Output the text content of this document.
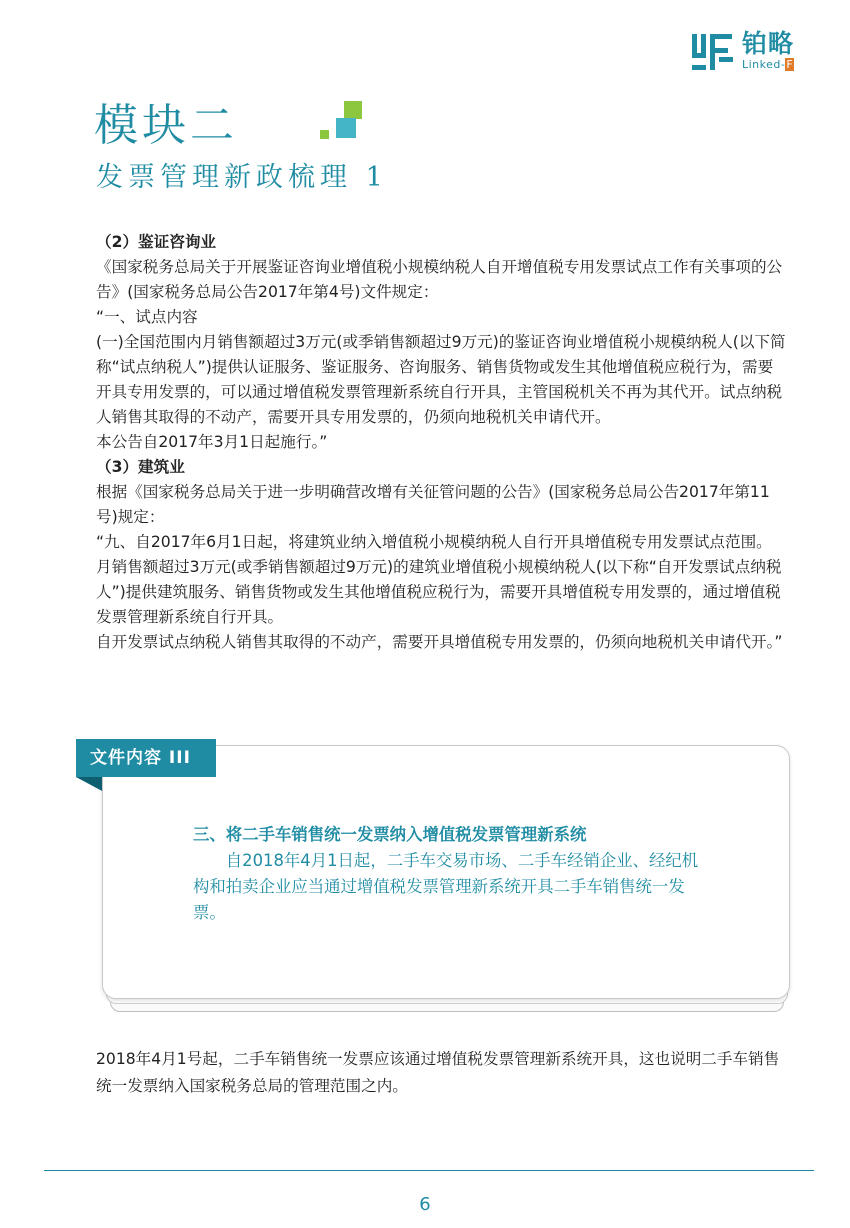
铂略
Linked-F
模块二
发票管理新政梳理 1

（2）鉴证咨询业

《国家税务总局关于开展鉴证咨询业增值税小规模纳税人自开增值税专用发票试点工作有关事项的公告》(国家税务总局公告2017年第4号)文件规定：

“一、试点内容

(一)全国范围内月销售额超过3万元(或季销售额超过9万元)的鉴证咨询业增值税小规模纳税人(以下简称“试点纳税人”)提供认证服务、鉴证服务、咨询服务、销售货物或发生其他增值税应税行为，需要开具专用发票的，可以通过增值税发票管理新系统自行开具，主管国税机关不再为其代开。试点纳税人销售其取得的不动产，需要开具专用发票的，仍须向地税机关申请代开。

本公告自2017年3月1日起施行。”

（3）建筑业

根据《国家税务总局关于进一步明确营改增有关征管问题的公告》(国家税务总局公告2017年第11号)规定：

“九、自2017年6月1日起，将建筑业纳入增值税小规模纳税人自行开具增值税专用发票试点范围。月销售额超过3万元(或季销售额超过9万元)的建筑业增值税小规模纳税人(以下称“自开发票试点纳税人”)提供建筑服务、销售货物或发生其他增值税应税行为，需要开具增值税专用发票的，通过增值税发票管理新系统自行开具。

自开发票试点纳税人销售其取得的不动产，需要开具增值税专用发票的，仍须向地税机关申请代开。”

文件内容 III

三、将二手车销售统一发票纳入增值税发票管理新系统

自2018年4月1日起，二手车交易市场、二手车经销企业、经纪机构和拍卖企业应当通过增值税发票管理新系统开具二手车销售统一发票。

2018年4月1号起，二手车销售统一发票应该通过增值税发票管理新系统开具，这也说明二手车销售统一发票纳入国家税务总局的管理范围之内。

6
